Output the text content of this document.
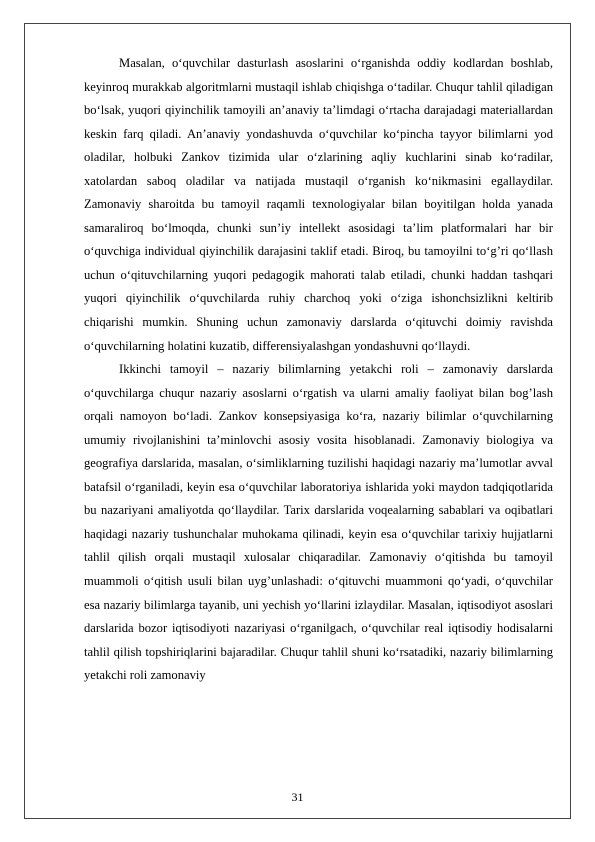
Masalan, o‘quvchilar dasturlash asoslarini o‘rganishda oddiy kodlardan boshlab, keyinroq murakkab algoritmlarni mustaqil ishlab chiqishga o‘tadilar. Chuqur tahlil qiladigan bo‘lsak, yuqori qiyinchilik tamoyili an’anaviy ta’limdagi o‘rtacha darajadagi materiallardan keskin farq qiladi. An’anaviy yondashuvda o‘quvchilar ko‘pincha tayyor bilimlarni yod oladilar, holbuki Zankov tizimida ular o‘zlarining aqliy kuchlarini sinab ko‘radilar, xatolardan saboq oladilar va natijada mustaqil o‘rganish ko‘nikmasini egallaydilar. Zamonaviy sharoitda bu tamoyil raqamli texnologiyalar bilan boyitilgan holda yanada samaraliroq bo‘lmoqda, chunki sun’iy intellekt asosidagi ta’lim platformalari har bir o‘quvchiga individual qiyinchilik darajasini taklif etadi. Biroq, bu tamoyilni to‘g’ri qo‘llash uchun o‘qituvchilarning yuqori pedagogik mahorati talab etiladi, chunki haddan tashqari yuqori qiyinchilik o‘quvchilarda ruhiy charchoq yoki o‘ziga ishonchsizlikni keltirib chiqarishi mumkin. Shuning uchun zamonaviy darslarda o‘qituvchi doimiy ravishda o‘quvchilarning holatini kuzatib, differensiyalashgan yondashuvni qo‘llaydi.

Ikkinchi tamoyil – nazariy bilimlarning yetakchi roli – zamonaviy darslarda o‘quvchilarga chuqur nazariy asoslarni o‘rgatish va ularni amaliy faoliyat bilan bog’lash orqali namoyon bo‘ladi. Zankov konsepsiyasiga ko‘ra, nazariy bilimlar o‘quvchilarning umumiy rivojlanishini ta’minlovchi asosiy vosita hisoblanadi. Zamonaviy biologiya va geografiya darslarida, masalan, o‘simliklarning tuzilishi haqidagi nazariy ma’lumotlar avval batafsil o‘rganiladi, keyin esa o‘quvchilar laboratoriya ishlarida yoki maydon tadqiqotlarida bu nazariyani amaliyotda qo‘llaydilar. Tarix darslarida voqealarning sabablari va oqibatlari haqidagi nazariy tushunchalar muhokama qilinadi, keyin esa o‘quvchilar tarixiy hujjatlarni tahlil qilish orqali mustaqil xulosalar chiqaradilar. Zamonaviy o‘qitishda bu tamoyil muammoli o‘qitish usuli bilan uyg’unlashadi: o‘qituvchi muammoni qo‘yadi, o‘quvchilar esa nazariy bilimlarga tayanib, uni yechish yo‘llarini izlaydilar. Masalan, iqtisodiyot asoslari darslarida bozor iqtisodiyoti nazariyasi o‘rganilgach, o‘quvchilar real iqtisodiy hodisalarni tahlil qilish topshiriqlarini bajaradilar. Chuqur tahlil shuni ko‘rsatadiki, nazariy bilimlarning yetakchi roli zamonaviy

31
